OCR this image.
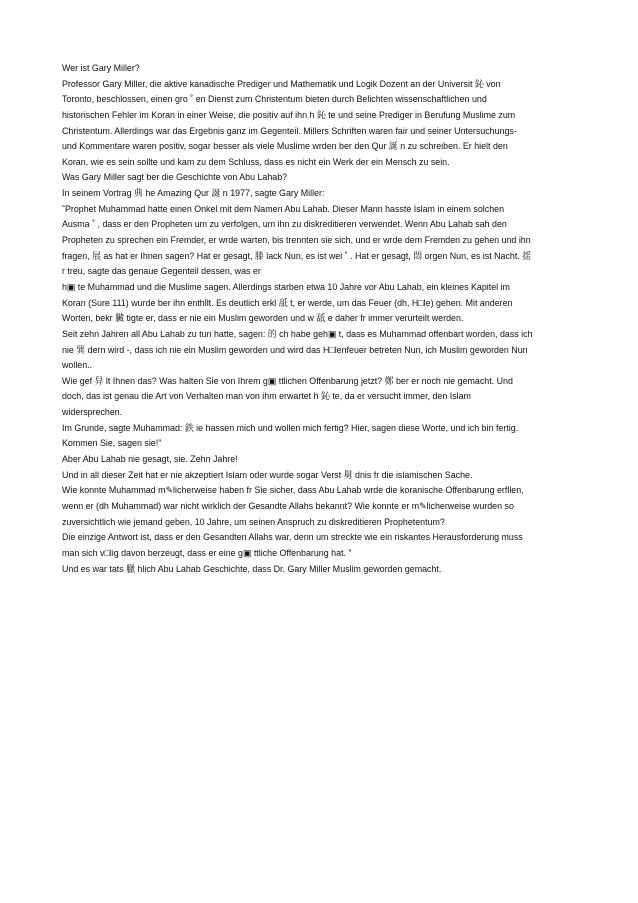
Wer ist Gary Miller?
Professor Gary Miller, die aktive kanadische Prediger und Mathematik und Logik Dozent an der Universit 鈊 von
Toronto, beschlossen, einen gro ˚ en Dienst zum Christentum bieten durch Belichten wissenschaftlichen und
historischen Fehler im Koran in einer Weise, die positiv auf ihn h 鈊 te und seine Prediger in Berufung Muslime zum
Christentum. Allerdings war das Ergebnis ganz im Gegenteil. Millers Schriften waren fair und seiner Untersuchungs-
und Kommentare waren positiv, sogar besser als viele Muslime wrden ber den Qur 誕 n zu schreiben. Er hielt den
Koran, wie es sein sollte und kam zu dem Schluss, dass es nicht ein Werk der ein Mensch zu sein.
Was Gary Miller sagt ber die Geschichte von Abu Lahab?
In seinem Vortrag 典 he Amazing Qur 誕 n 1977, sagte Gary Miller:
˜Prophet Muhammad hatte einen Onkel mit dem Namen Abu Lahab. Dieser Mann hasste Islam in einem solchen
Ausma ˚ , dass er den Propheten um zu verfolgen, um ihn zu diskreditieren verwendet. Wenn Abu Lahab sah den
Propheten zu sprechen ein Fremder, er wrde warten, bis trennten sie sich, und er wrde dem Fremden zu gehen und ihn
fragen, 展 as hat er Ihnen sagen? Hat er gesagt, 滕 lack Nun, es ist wei ˚ . Hat er gesagt, 悶 orgen Nun, es ist Nacht. 揺
r treu, sagte das genaue Gegenteil dessen, was er
h▣ te Muhammad und die Muslime sagen. Allerdings starben etwa 10 Jahre vor Abu Lahab, ein kleines Kapitel im
Koran (Sure 111) wurde ber ihn enthllt. Es deutlich erkl 舐 t, er werde, um das Feuer (dh, H□le) gehen. Mit anderen
Worten, bekr 臟 tigte er, dass er nie ein Muslim geworden und w 舐 e daher fr immer verurteilt werden.
Seit zehn Jahren all Abu Lahab zu tun hatte, sagen: 的 ch habe geh▣ t, dass es Muhammad offenbart worden, dass ich
nie 巽 dern wird -, dass ich nie ein Muslim geworden und wird das H□lenfeuer betreten Nun, ich Muslim geworden Nun
wollen..
Wie gef 舁 lt Ihnen das? Was halten Sie von Ihrem g▣ ttlichen Offenbarung jetzt? 鄭 ber er noch nie gemacht. Und
doch, das ist genau die Art von Verhalten man von ihm erwartet h 鈊 te, da er versucht immer, den Islam
widersprechen.
Im Grunde, sagte Muhammad: 鉄 ie hassen mich und wollen mich fertig? Hier, sagen diese Worte, und ich bin fertig.
Kommen Sie, sagen sie!”
Aber Abu Lahab nie gesagt, sie. Zehn Jahre!
Und in all dieser Zeit hat er nie akzeptiert Islam oder wurde sogar Verst 舅 dnis fr die islamischen Sache.
Wie konnte Muhammad m✎licherweise haben fr Sie sicher, dass Abu Lahab wrde die koranische Offenbarung erfllen,
wenn er (dh Muhammad) war nicht wirklich der Gesandte Allahs bekannt? Wie konnte er m✎licherweise wurden so
zuversichtlich wie jemand geben, 10 Jahre, um seinen Anspruch zu diskreditieren Prophetentum?
Die einzige Antwort ist, dass er den Gesandten Allahs war, denn um streckte wie ein riskantes Herausforderung muss
man sich v□lig davon berzeugt, dass er eine g▣ ttliche Offenbarung hat. ”
Und es war tats 臘 hlich Abu Lahab Geschichte, dass Dr. Gary Miller Muslim geworden gemacht.
